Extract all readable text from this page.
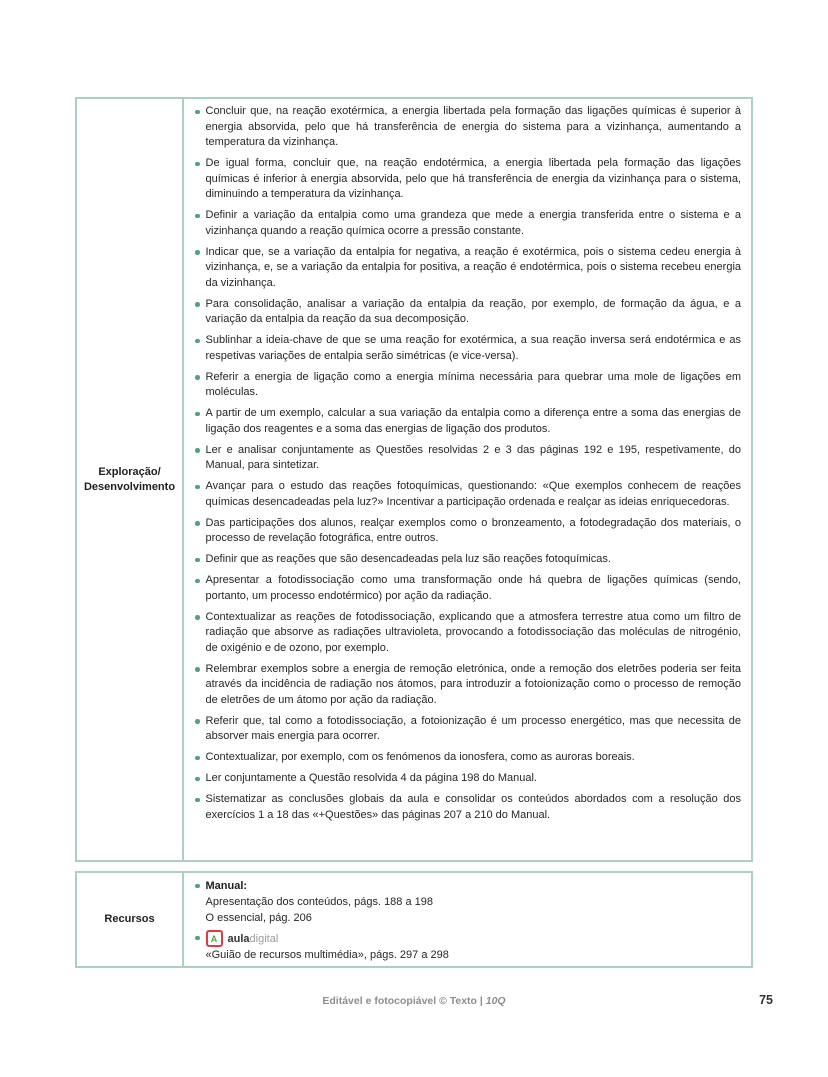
Exploração/
Desenvolvimento
Concluir que, na reação exotérmica, a energia libertada pela formação das ligações químicas é superior à energia absorvida, pelo que há transferência de energia do sistema para a vizinhança, aumentando a temperatura da vizinhança.
De igual forma, concluir que, na reação endotérmica, a energia libertada pela formação das ligações químicas é inferior à energia absorvida, pelo que há transferência de energia da vizinhança para o sistema, diminuindo a temperatura da vizinhança.
Definir a variação da entalpia como uma grandeza que mede a energia transferida entre o sistema e a vizinhança quando a reação química ocorre a pressão constante.
Indicar que, se a variação da entalpia for negativa, a reação é exotérmica, pois o sistema cedeu energia à vizinhança, e, se a variação da entalpia for positiva, a reação é endotérmica, pois o sistema recebeu energia da vizinhança.
Para consolidação, analisar a variação da entalpia da reação, por exemplo, de formação da água, e a variação da entalpia da reação da sua decomposição.
Sublinhar a ideia-chave de que se uma reação for exotérmica, a sua reação inversa será endotérmica e as respetivas variações de entalpia serão simétricas (e vice-versa).
Referir a energia de ligação como a energia mínima necessária para quebrar uma mole de ligações em moléculas.
A partir de um exemplo, calcular a sua variação da entalpia como a diferença entre a soma das energias de ligação dos reagentes e a soma das energias de ligação dos produtos.
Ler e analisar conjuntamente as Questões resolvidas 2 e 3 das páginas 192 e 195, respetivamente, do Manual, para sintetizar.
Avançar para o estudo das reações fotoquímicas, questionando: «Que exemplos conhecem de reações químicas desencadeadas pela luz?» Incentivar a participação ordenada e realçar as ideias enriquecedoras.
Das participações dos alunos, realçar exemplos como o bronzeamento, a fotodegradação dos materiais, o processo de revelação fotográfica, entre outros.
Definir que as reações que são desencadeadas pela luz são reações fotoquímicas.
Apresentar a fotodissociação como uma transformação onde há quebra de ligações químicas (sendo, portanto, um processo endotérmico) por ação da radiação.
Contextualizar as reações de fotodissociação, explicando que a atmosfera terrestre atua como um filtro de radiação que absorve as radiações ultravioleta, provocando a fotodissociação das moléculas de nitrogénio, de oxigénio e de ozono, por exemplo.
Relembrar exemplos sobre a energia de remoção eletrónica, onde a remoção dos eletrões poderia ser feita através da incidência de radiação nos átomos, para introduzir a fotoionização como o processo de remoção de eletrões de um átomo por ação da radiação.
Referir que, tal como a fotodissociação, a fotoionização é um processo energético, mas que necessita de absorver mais energia para ocorrer.
Contextualizar, por exemplo, com os fenómenos da ionosfera, como as auroras boreais.
Ler conjuntamente a Questão resolvida 4 da página 198 do Manual.
Sistematizar as conclusões globais da aula e consolidar os conteúdos abordados com a resolução dos exercícios 1 a 18 das «+Questões» das páginas 207 a 210 do Manual.
Recursos
Manual:
Apresentação dos conteúdos, págs. 188 a 198
O essencial, pág. 206
A aula digital
«Guião de recursos multimédia», págs. 297 a 298
Editável e fotocopiável © Texto | 10Q	75
